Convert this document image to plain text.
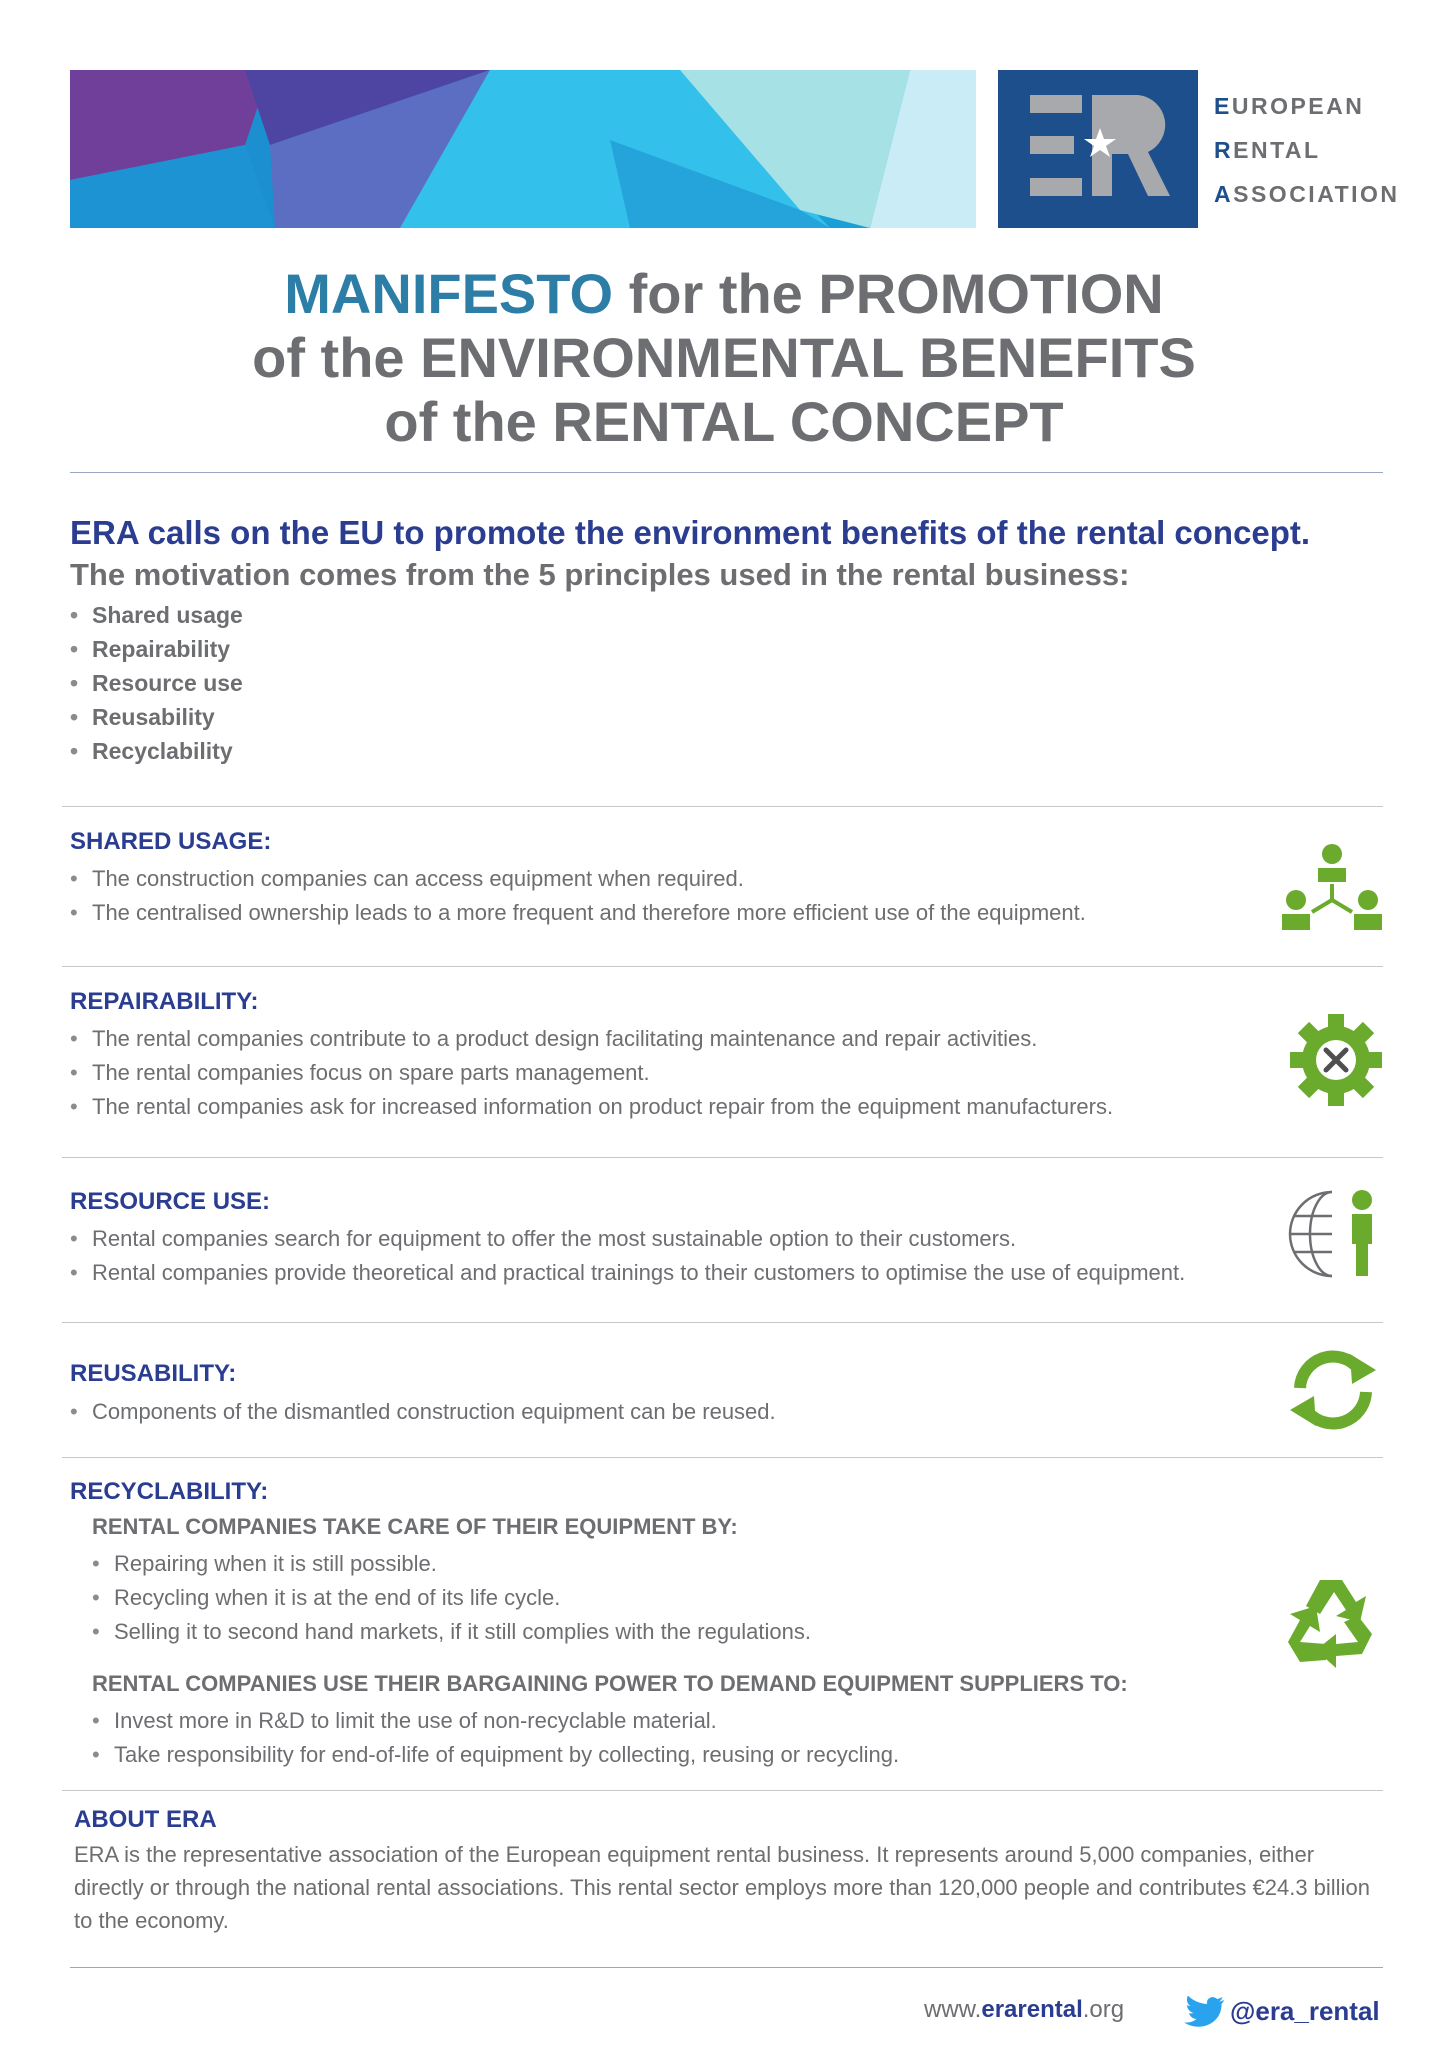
EUROPEAN
RENTAL
ASSOCIATION
MANIFESTO for the PROMOTION
of the ENVIRONMENTAL BENEFITS
of the RENTAL CONCEPT
ERA calls on the EU to promote the environment benefits of the rental concept.
The motivation comes from the 5 principles used in the rental business:
• Shared usage
• Repairability
• Resource use
• Reusability
• Recyclability
SHARED USAGE:
• The construction companies can access equipment when required.
• The centralised ownership leads to a more frequent and therefore more efficient use of the equipment.
REPAIRABILITY:
• The rental companies contribute to a product design facilitating maintenance and repair activities.
• The rental companies focus on spare parts management.
• The rental companies ask for increased information on product repair from the equipment manufacturers.
RESOURCE USE:
• Rental companies search for equipment to offer the most sustainable option to their customers.
• Rental companies provide theoretical and practical trainings to their customers to optimise the use of equipment.
REUSABILITY:
• Components of the dismantled construction equipment can be reused.
RECYCLABILITY:
RENTAL COMPANIES TAKE CARE OF THEIR EQUIPMENT BY:
• Repairing when it is still possible.
• Recycling when it is at the end of its life cycle.
• Selling it to second hand markets, if it still complies with the regulations.
RENTAL COMPANIES USE THEIR BARGAINING POWER TO DEMAND EQUIPMENT SUPPLIERS TO:
• Invest more in R&D to limit the use of non-recyclable material.
• Take responsibility for end-of-life of equipment by collecting, reusing or recycling.
ABOUT ERA
ERA is the representative association of the European equipment rental business. It represents around 5,000 companies, either directly or through the national rental associations. This rental sector employs more than 120,000 people and contributes €24.3 billion to the economy.
www.erarental.org	@era_rental
